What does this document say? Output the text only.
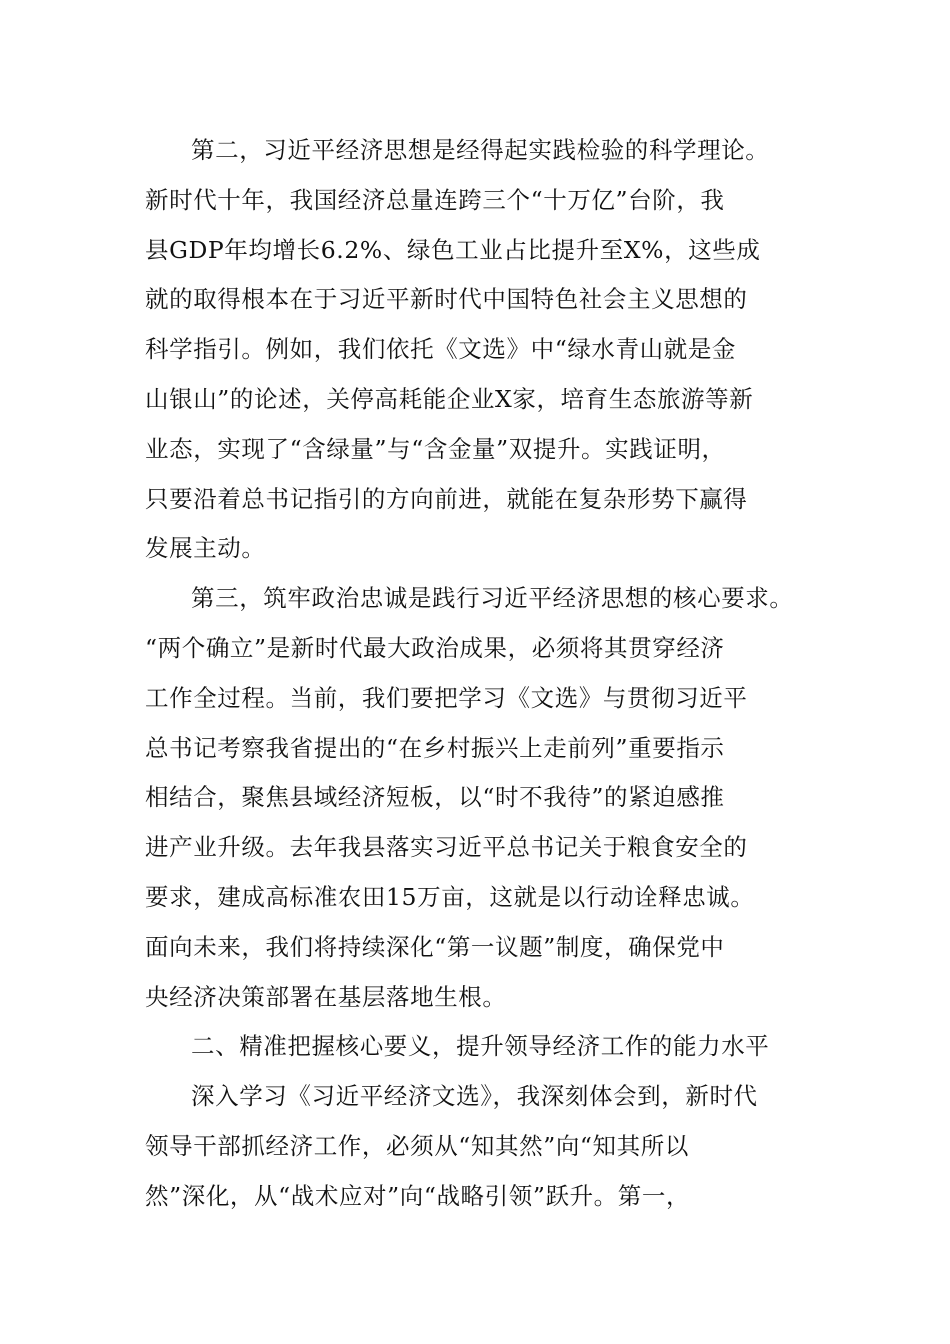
第二，习近平经济思想是经得起实践检验的科学理论。
新时代十年，我国经济总量连跨三个“十万亿”台阶，我
县GDP年均增长6.2%、绿色工业占比提升至X%，这些成
就的取得根本在于习近平新时代中国特色社会主义思想的
科学指引。例如，我们依托《文选》中“绿水青山就是金
山银山”的论述，关停高耗能企业X家，培育生态旅游等新
业态，实现了“含绿量”与“含金量”双提升。实践证明，
只要沿着总书记指引的方向前进，就能在复杂形势下赢得
发展主动。
第三，筑牢政治忠诚是践行习近平经济思想的核心要求。
“两个确立”是新时代最大政治成果，必须将其贯穿经济
工作全过程。当前，我们要把学习《文选》与贯彻习近平
总书记考察我省提出的“在乡村振兴上走前列”重要指示
相结合，聚焦县域经济短板，以“时不我待”的紧迫感推
进产业升级。去年我县落实习近平总书记关于粮食安全的
要求，建成高标准农田15万亩，这就是以行动诠释忠诚。
面向未来，我们将持续深化“第一议题”制度，确保党中
央经济决策部署在基层落地生根。
二、精准把握核心要义，提升领导经济工作的能力水平
深入学习《习近平经济文选》，我深刻体会到，新时代
领导干部抓经济工作，必须从“知其然”向“知其所以
然”深化，从“战术应对”向“战略引领”跃升。第一，
